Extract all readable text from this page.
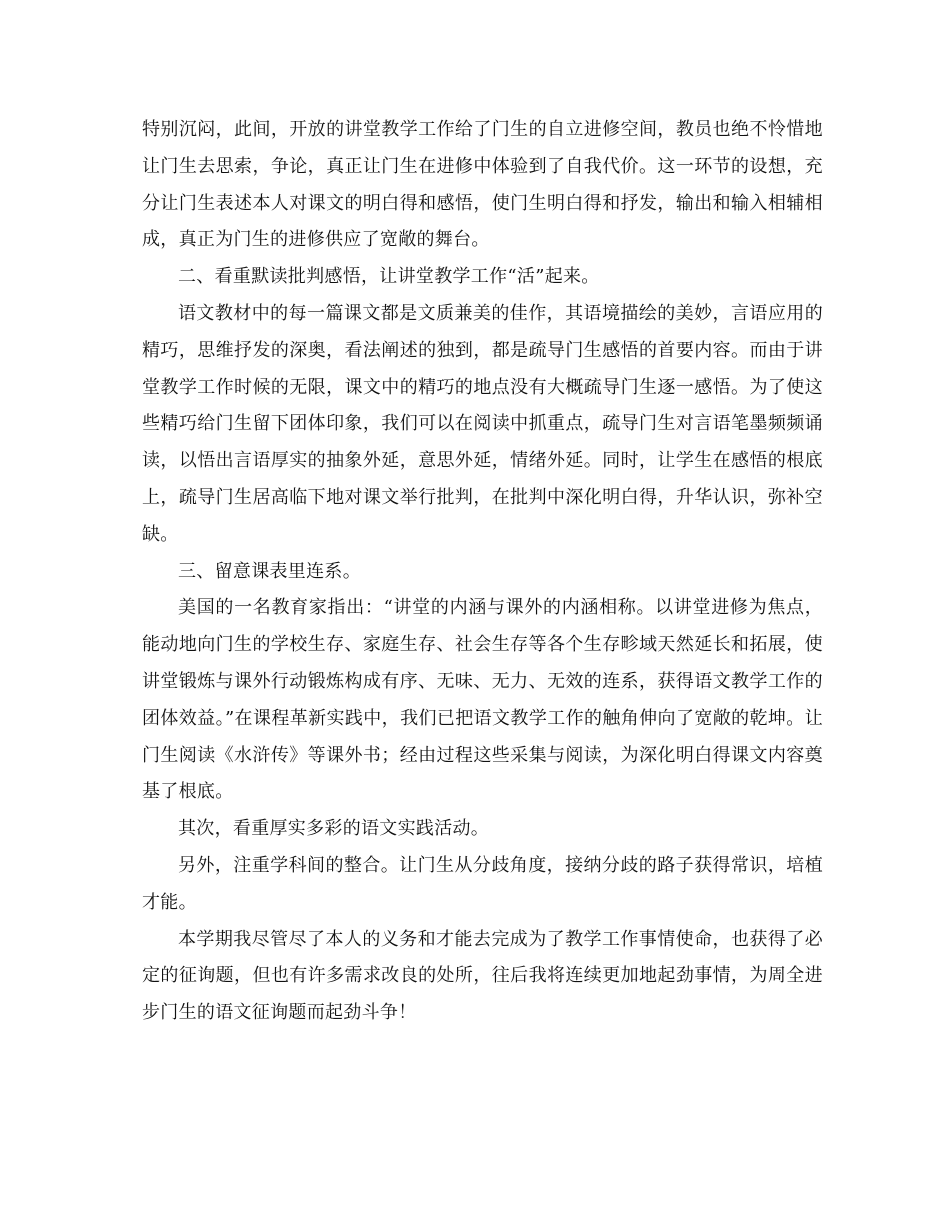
特别沉闷，此间，开放的讲堂教学工作给了门生的自立进修空间，教员也绝不怜惜地让门生去思索，争论，真正让门生在进修中体验到了自我代价。这一环节的设想，充分让门生表述本人对课文的明白得和感悟，使门生明白得和抒发，输出和输入相辅相成，真正为门生的进修供应了宽敞的舞台。

二、看重默读批判感悟，让讲堂教学工作“活”起来。

语文教材中的每一篇课文都是文质兼美的佳作，其语境描绘的美妙，言语应用的精巧，思维抒发的深奥，看法阐述的独到，都是疏导门生感悟的首要内容。而由于讲堂教学工作时候的无限，课文中的精巧的地点没有大概疏导门生逐一感悟。为了使这些精巧给门生留下团体印象，我们可以在阅读中抓重点，疏导门生对言语笔墨频频诵读，以悟出言语厚实的抽象外延，意思外延，情绪外延。同时，让学生在感悟的根底上，疏导门生居高临下地对课文举行批判，在批判中深化明白得，升华认识，弥补空缺。

三、留意课表里连系。

美国的一名教育家指出：“讲堂的内涵与课外的内涵相称。以讲堂进修为焦点，能动地向门生的学校生存、家庭生存、社会生存等各个生存畛域天然延长和拓展，使讲堂锻炼与课外行动锻炼构成有序、无味、无力、无效的连系，获得语文教学工作的团体效益。”在课程革新实践中，我们已把语文教学工作的触角伸向了宽敞的乾坤。让门生阅读《水浒传》等课外书；经由过程这些采集与阅读，为深化明白得课文内容奠基了根底。

其次，看重厚实多彩的语文实践活动。

另外，注重学科间的整合。让门生从分歧角度，接纳分歧的路子获得常识，培植才能。

本学期我尽管尽了本人的义务和才能去完成为了教学工作事情使命，也获得了必定的征询题，但也有许多需求改良的处所，往后我将连续更加地起劲事情，为周全进步门生的语文征询题而起劲斗争！
